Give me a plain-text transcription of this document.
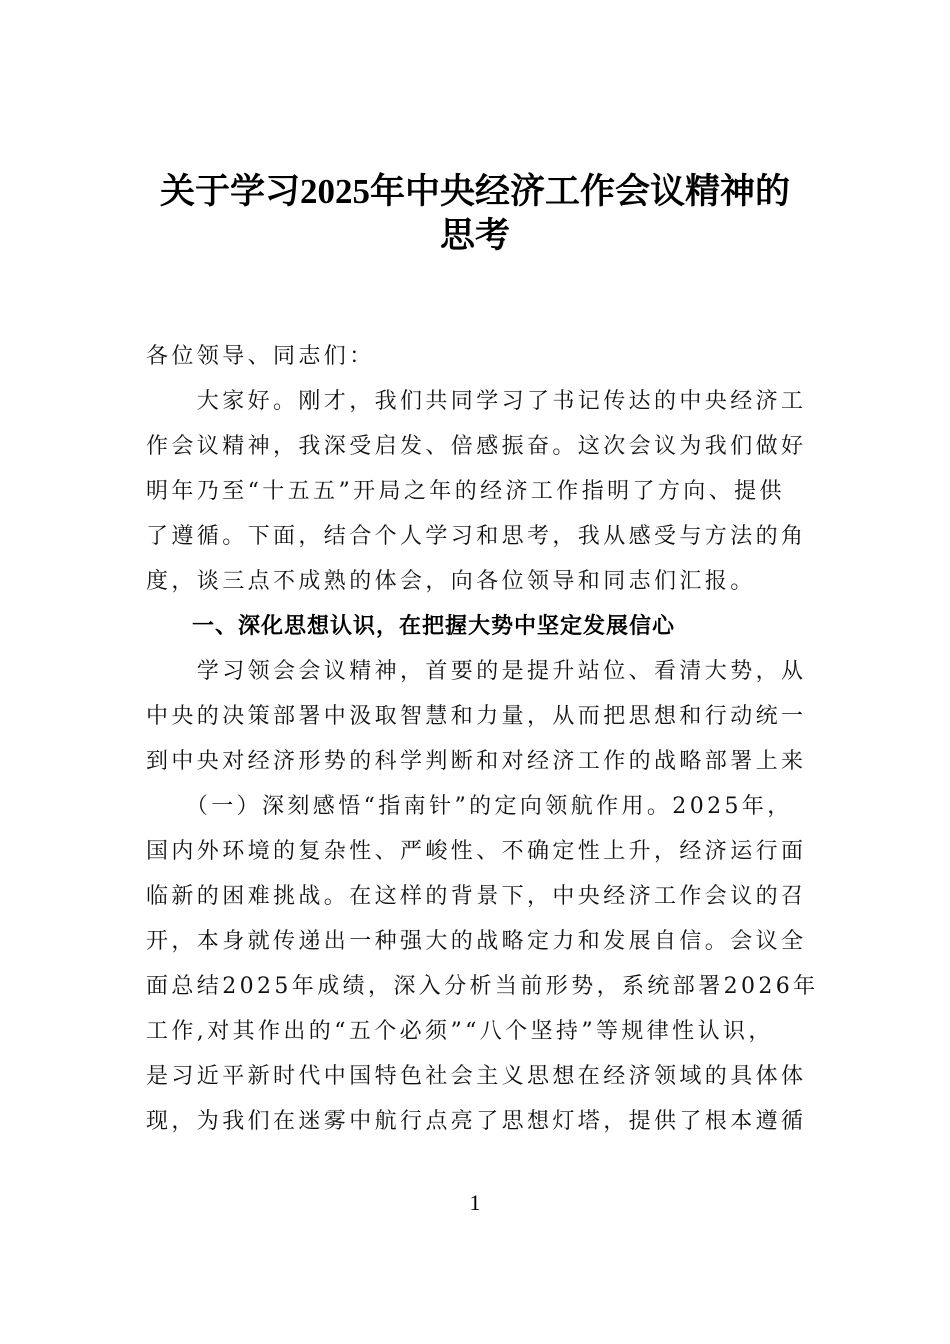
关于学习2025年中央经济工作会议精神的
思考
各位领导、同志们：
　　大家好。刚才，我们共同学习了书记传达的中央经济工
作会议精神，我深受启发、倍感振奋。这次会议为我们做好
明年乃至“十五五”开局之年的经济工作指明了方向、提供
了遵循。下面，结合个人学习和思考，我从感受与方法的角
度，谈三点不成熟的体会，向各位领导和同志们汇报。
　　一、深化思想认识，在把握大势中坚定发展信心
　　学习领会会议精神，首要的是提升站位、看清大势，从
中央的决策部署中汲取智慧和力量，从而把思想和行动统一
到中央对经济形势的科学判断和对经济工作的战略部署上来
　　（一）深刻感悟“指南针”的定向领航作用。2025年，
国内外环境的复杂性、严峻性、不确定性上升，经济运行面
临新的困难挑战。在这样的背景下，中央经济工作会议的召
开，本身就传递出一种强大的战略定力和发展自信。会议全
面总结2025年成绩，深入分析当前形势，系统部署2026年
工作,对其作出的“五个必须”“八个坚持”等规律性认识，
是习近平新时代中国特色社会主义思想在经济领域的具体体
现，为我们在迷雾中航行点亮了思想灯塔，提供了根本遵循
1
